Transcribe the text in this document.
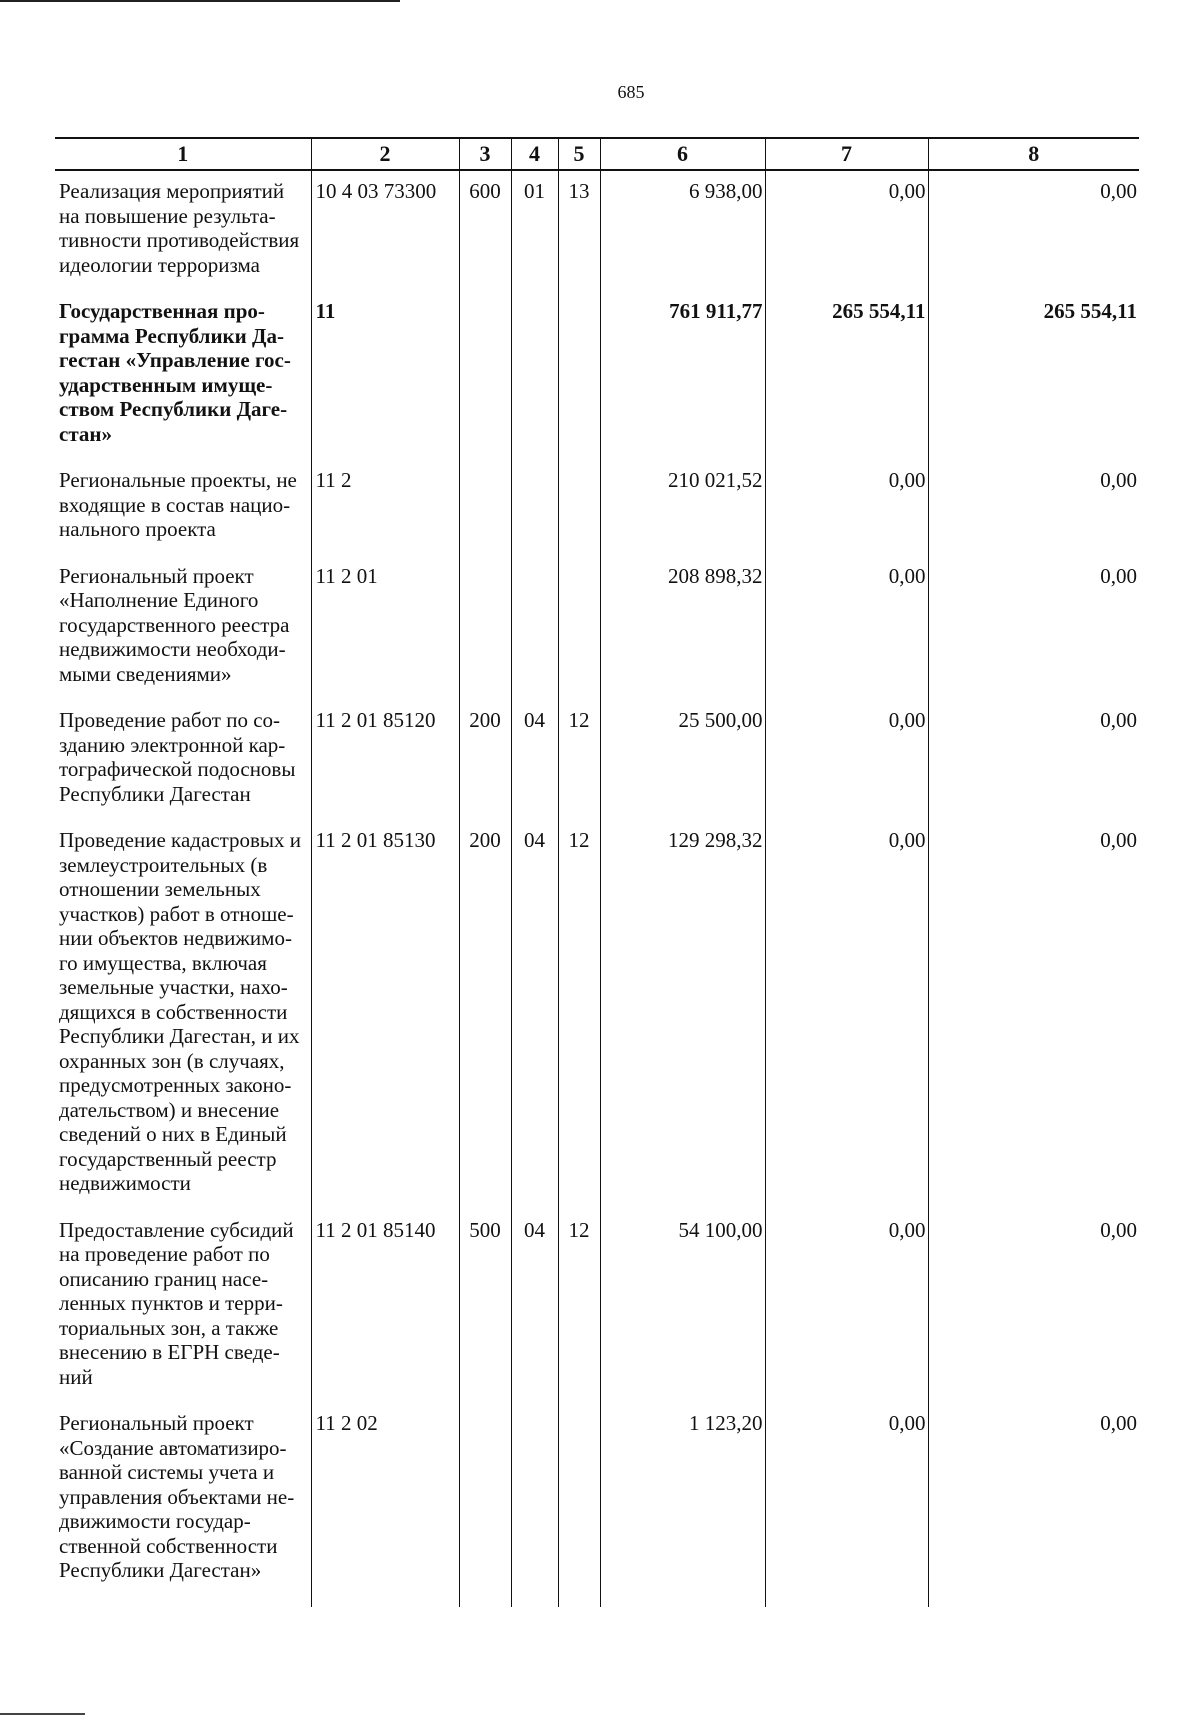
685
1	2	3	4	5	6	7	8
Реализация мероприятий на повышение результа-тивности противодействия идеологии терроризма	10 4 03 73300	600	01	13	6 938,00	0,00	0,00
Государственная про-грамма Республики Да-гестан «Управление гос-ударственным имуще-ством Республики Даге-стан»	11				761 911,77	265 554,11	265 554,11
Региональные проекты, не входящие в состав нацио-нального проекта	11 2				210 021,52	0,00	0,00
Региональный проект «Наполнение Единого государственного реестра недвижимости необходи-мыми сведениями»	11 2 01				208 898,32	0,00	0,00
Проведение работ по со-зданию электронной кар-тографической подосновы Республики Дагестан	11 2 01 85120	200	04	12	25 500,00	0,00	0,00
Проведение кадастровых и землеустроительных (в отношении земельных участков) работ в отноше-нии объектов недвижимо-го имущества, включая земельные участки, нахо-дящихся в собственности Республики Дагестан, и их охранных зон (в случаях, предусмотренных законо-дательством) и внесение сведений о них в Единый государственный реестр недвижимости	11 2 01 85130	200	04	12	129 298,32	0,00	0,00
Предоставление субсидий на проведение работ по описанию границ насе-ленных пунктов и терри-ториальных зон, а также внесению в ЕГРН сведе-ний	11 2 01 85140	500	04	12	54 100,00	0,00	0,00
Региональный проект «Создание автоматизиро-ванной системы учета и управления объектами не-движимости государ-ственной собственности Республики Дагестан»	11 2 02				1 123,20	0,00	0,00
